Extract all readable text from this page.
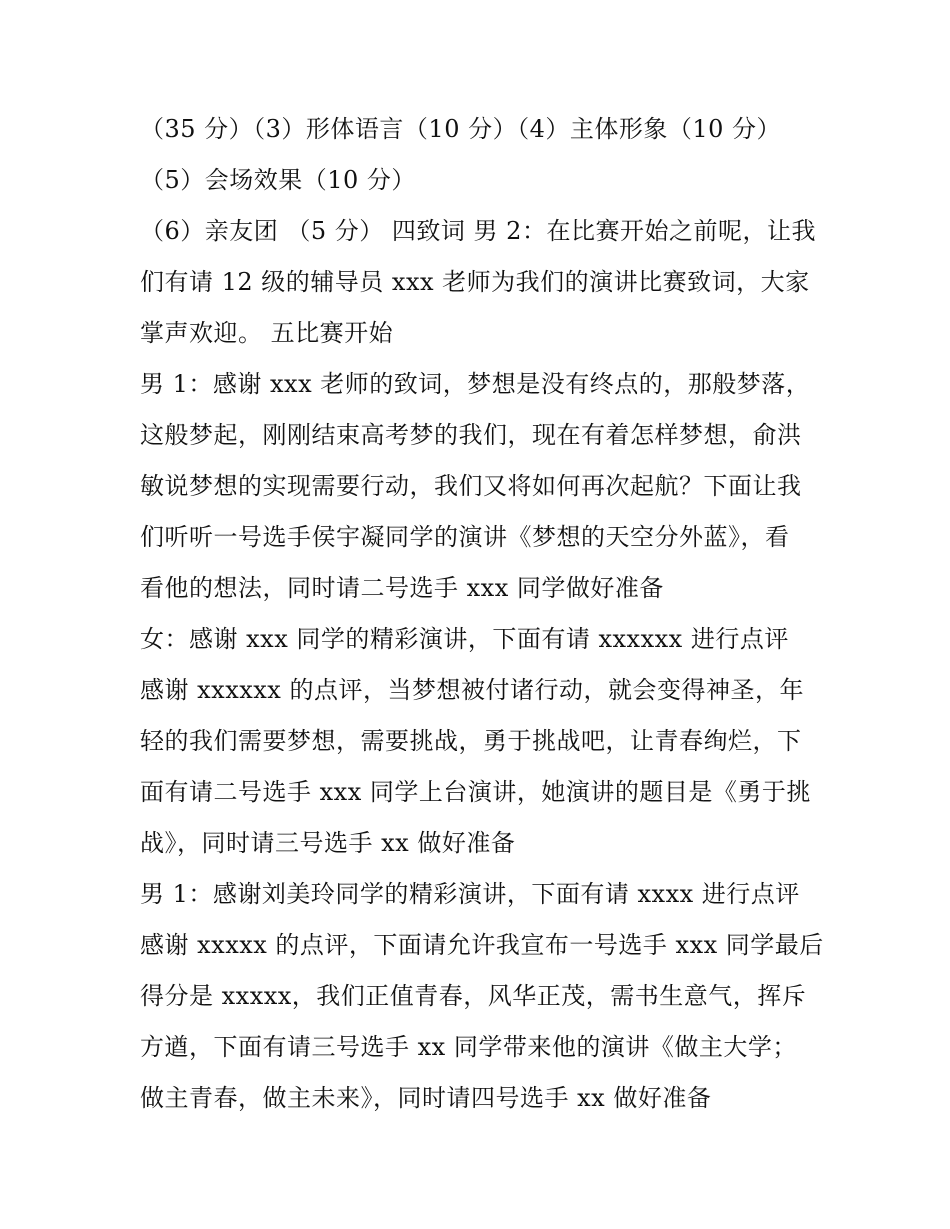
（35 分）（3）形体语言（10 分）（4）主体形象（10 分）
（5）会场效果（10 分）
（6）亲友团 （5 分） 四致词 男 2：在比赛开始之前呢，让我
们有请 12 级的辅导员 xxx 老师为我们的演讲比赛致词，大家
掌声欢迎。 五比赛开始
男 1：感谢 xxx 老师的致词，梦想是没有终点的，那般梦落，
这般梦起，刚刚结束高考梦的我们，现在有着怎样梦想，俞洪
敏说梦想的实现需要行动，我们又将如何再次起航？下面让我
们听听一号选手侯宇凝同学的演讲《梦想的天空分外蓝》，看
看他的想法，同时请二号选手 xxx 同学做好准备
女：感谢 xxx 同学的精彩演讲，下面有请 xxxxxx 进行点评
感谢 xxxxxx 的点评，当梦想被付诸行动，就会变得神圣，年
轻的我们需要梦想，需要挑战，勇于挑战吧，让青春绚烂，下
面有请二号选手 xxx 同学上台演讲，她演讲的题目是《勇于挑
战》，同时请三号选手 xx 做好准备
男 1：感谢刘美玲同学的精彩演讲，下面有请 xxxx 进行点评
感谢 xxxxx 的点评，下面请允许我宣布一号选手 xxx 同学最后
得分是 xxxxx，我们正值青春，风华正茂，需书生意气，挥斥
方遒，下面有请三号选手 xx 同学带来他的演讲《做主大学；
做主青春，做主未来》，同时请四号选手 xx 做好准备
